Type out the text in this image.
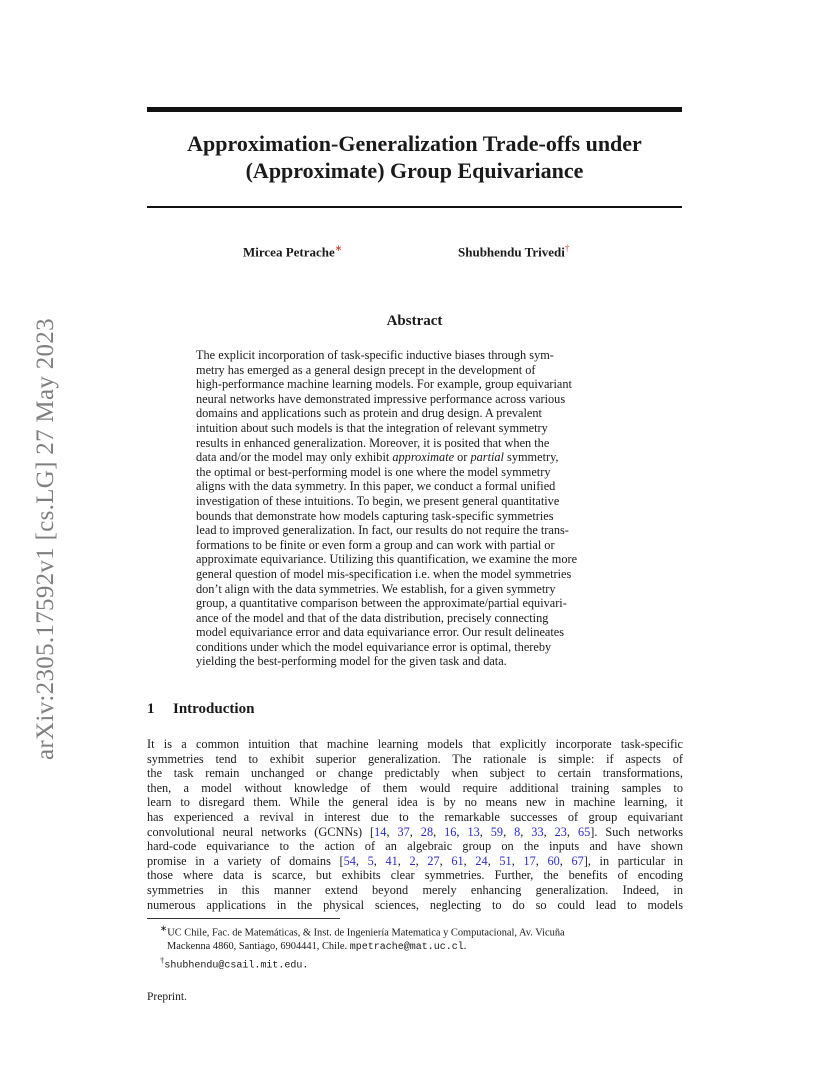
arXiv:2305.17592v1 [cs.LG] 27 May 2023
Approximation-Generalization Trade-offs under
(Approximate) Group Equivariance
Mircea Petrache∗	Shubhendu Trivedi†
Abstract
The explicit incorporation of task-specific inductive biases through sym-
metry has emerged as a general design precept in the development of
high-performance machine learning models. For example, group equivariant
neural networks have demonstrated impressive performance across various
domains and applications such as protein and drug design. A prevalent
intuition about such models is that the integration of relevant symmetry
results in enhanced generalization. Moreover, it is posited that when the
data and/or the model may only exhibit approximate or partial symmetry,
the optimal or best-performing model is one where the model symmetry
aligns with the data symmetry. In this paper, we conduct a formal unified
investigation of these intuitions. To begin, we present general quantitative
bounds that demonstrate how models capturing task-specific symmetries
lead to improved generalization. In fact, our results do not require the trans-
formations to be finite or even form a group and can work with partial or
approximate equivariance. Utilizing this quantification, we examine the more
general question of model mis-specification i.e. when the model symmetries
don’t align with the data symmetries. We establish, for a given symmetry
group, a quantitative comparison between the approximate/partial equivari-
ance of the model and that of the data distribution, precisely connecting
model equivariance error and data equivariance error. Our result delineates
conditions under which the model equivariance error is optimal, thereby
yielding the best-performing model for the given task and data.
1 Introduction
It is a common intuition that machine learning models that explicitly incorporate task-specific
symmetries tend to exhibit superior generalization. The rationale is simple: if aspects of
the task remain unchanged or change predictably when subject to certain transformations,
then, a model without knowledge of them would require additional training samples to
learn to disregard them. While the general idea is by no means new in machine learning, it
has experienced a revival in interest due to the remarkable successes of group equivariant
convolutional neural networks (GCNNs) [14, 37, 28, 16, 13, 59, 8, 33, 23, 65]. Such networks
hard-code equivariance to the action of an algebraic group on the inputs and have shown
promise in a variety of domains [54, 5, 41, 2, 27, 61, 24, 51, 17, 60, 67], in particular in
those where data is scarce, but exhibits clear symmetries. Further, the benefits of encoding
symmetries in this manner extend beyond merely enhancing generalization. Indeed, in
numerous applications in the physical sciences, neglecting to do so could lead to models
∗UC Chile, Fac. de Matemáticas, & Inst. de Ingeniería Matematica y Computacional, Av. Vicuña
Mackenna 4860, Santiago, 6904441, Chile. mpetrache@mat.uc.cl.
†shubhendu@csail.mit.edu.
Preprint.
